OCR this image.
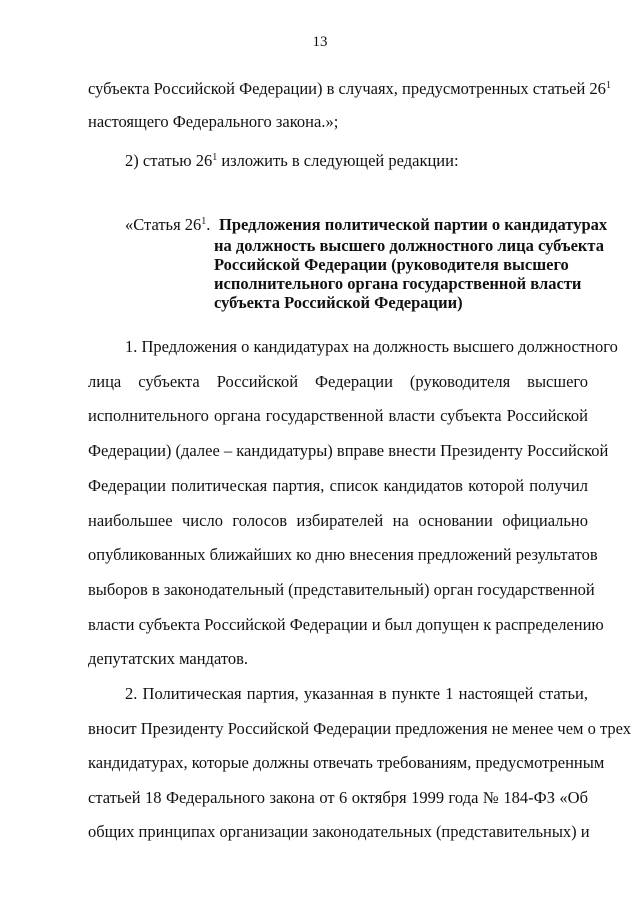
13
субъекта Российской Федерации) в случаях, предусмотренных статьей $26^1$
настоящего Федерального закона.»;
2) статью $26^1$ изложить в следующей редакции:
«Статья $26^1$. Предложения политической партии о кандидатурах
на должность высшего должностного лица субъекта
Российской Федерации (руководителя высшего
исполнительного органа государственной власти
субъекта Российской Федерации)
1. Предложения о кандидатурах на должность высшего должностного
лица субъекта Российской Федерации (руководителя высшего
исполнительного органа государственной власти субъекта Российской
Федерации) (далее – кандидатуры) вправе внести Президенту Российской
Федерации политическая партия, список кандидатов которой получил
наибольшее число голосов избирателей на основании официально
опубликованных ближайших ко дню внесения предложений результатов
выборов в законодательный (представительный) орган государственной
власти субъекта Российской Федерации и был допущен к распределению
депутатских мандатов.
2. Политическая партия, указанная в пункте 1 настоящей статьи,
вносит Президенту Российской Федерации предложения не менее чем о трех
кандидатурах, которые должны отвечать требованиям, предусмотренным
статьей 18 Федерального закона от 6 октября 1999 года № 184-ФЗ «Об
общих принципах организации законодательных (представительных) и
